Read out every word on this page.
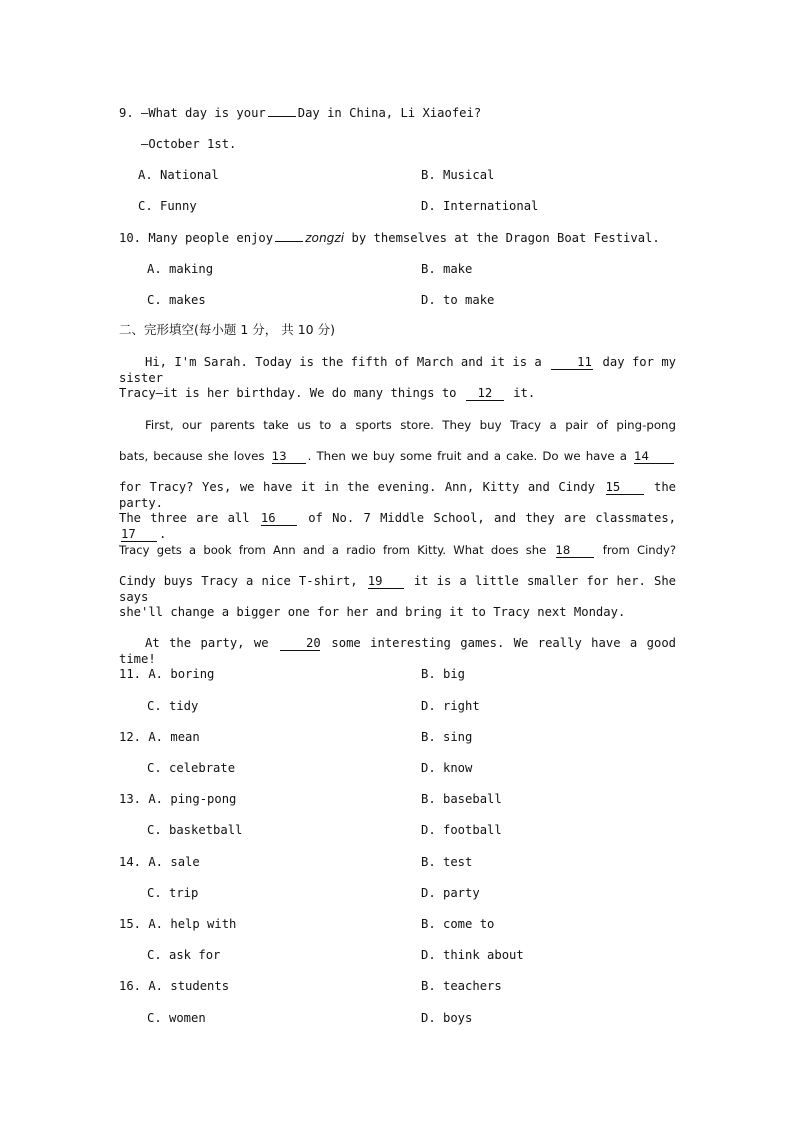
9. —What day is your	Day in China, Li Xiaofei?
—October 1st.
A. National	B. Musical
C. Funny	D. International
10. Many people enjoy	zongzi by themselves at the Dragon Boat Festival.
A. making	B. make
C. makes	D. to make
二、完形填空(每小题 1 分， 共 10 分)
Hi, I'm Sarah. Today is the fifth of March and it is a	11 day for my sister
Tracy—it is her birthday. We do many things to 12 it.
First, our parents take us to a sports store. They buy Tracy a pair of ping-pong
bats, because she loves 13 . Then we buy some fruit and a cake. Do we have a 14
for Tracy? Yes, we have it in the evening. Ann, Kitty and Cindy 15	the party.
The three are all 16	of No. 7 Middle School, and they are classmates, 17 .
Tracy gets a book from Ann and a radio from Kitty. What does she 18	from Cindy?
Cindy buys Tracy a nice T-shirt, 19	it is a little smaller for her. She says
she'll change a bigger one for her and bring it to Tracy next Monday.
At the party, we	20 some interesting games. We really have a good time!
11. A. boring	B. big
C. tidy	D. right
12. A. mean	B. sing
C. celebrate	D. know
13. A. ping-pong	B. baseball
C. basketball	D. football
14. A. sale	B. test
C. trip	D. party
15. A. help with	B. come to
C. ask for	D. think about
16. A. students	B. teachers
C. women	D. boys
